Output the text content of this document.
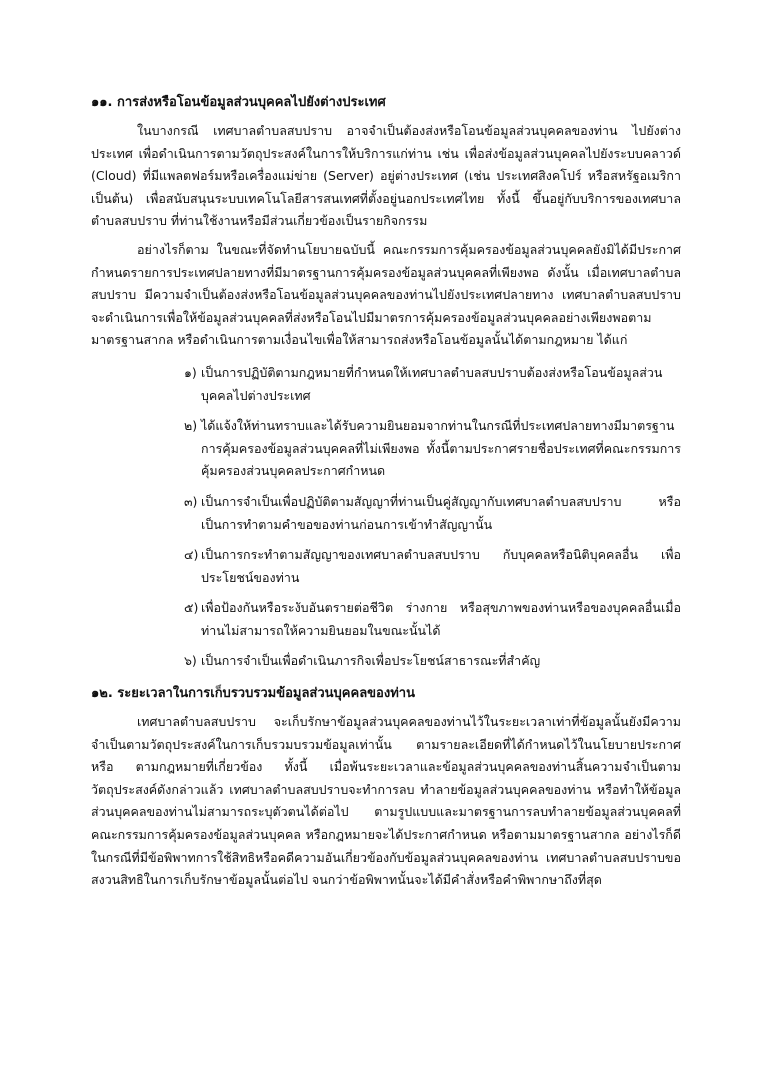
๑๑. การส่งหรือโอนข้อมูลส่วนบุคคลไปยังต่างประเทศ

ในบางกรณี เทศบาลตำบลสบปราบ อาจจำเป็นต้องส่งหรือโอนข้อมูลส่วนบุคคลของท่าน ไปยังต่างประเทศ เพื่อดำเนินการตามวัตถุประสงค์ในการให้บริการแก่ท่าน เช่น เพื่อส่งข้อมูลส่วนบุคคลไปยังระบบคลาวด์ (Cloud) ที่มีแพลตฟอร์มหรือเครื่องแม่ข่าย (Server) อยู่ต่างประเทศ (เช่น ประเทศสิงคโปร์ หรือสหรัฐอเมริกา เป็นต้น) เพื่อสนับสนุนระบบเทคโนโลยีสารสนเทศที่ตั้งอยู่นอกประเทศไทย ทั้งนี้ ขึ้นอยู่กับบริการของเทศบาลตำบลสบปราบ ที่ท่านใช้งานหรือมีส่วนเกี่ยวข้องเป็นรายกิจกรรม

อย่างไรก็ตาม ในขณะที่จัดทำนโยบายฉบับนี้ คณะกรรมการคุ้มครองข้อมูลส่วนบุคคลยังมิได้มีประกาศกำหนดรายการประเทศปลายทางที่มีมาตรฐานการคุ้มครองข้อมูลส่วนบุคคลที่เพียงพอ ดังนั้น เมื่อเทศบาลตำบลสบปราบ มีความจำเป็นต้องส่งหรือโอนข้อมูลส่วนบุคคลของท่านไปยังประเทศปลายทาง เทศบาลตำบลสบปราบ จะดำเนินการเพื่อให้ข้อมูลส่วนบุคคลที่ส่งหรือโอนไปมีมาตรการคุ้มครองข้อมูลส่วนบุคคลอย่างเพียงพอตามมาตรฐานสากล หรือดำเนินการตามเงื่อนไขเพื่อให้สามารถส่งหรือโอนข้อมูลนั้นได้ตามกฎหมาย ได้แก่

๑) เป็นการปฏิบัติตามกฎหมายที่กำหนดให้เทศบาลตำบลสบปราบต้องส่งหรือโอนข้อมูลส่วนบุคคลไปต่างประเทศ
๒) ได้แจ้งให้ท่านทราบและได้รับความยินยอมจากท่านในกรณีที่ประเทศปลายทางมีมาตรฐานการคุ้มครองข้อมูลส่วนบุคคลที่ไม่เพียงพอ ทั้งนี้ตามประกาศรายชื่อประเทศที่คณะกรรมการคุ้มครองส่วนบุคคลประกาศกำหนด
๓) เป็นการจำเป็นเพื่อปฏิบัติตามสัญญาที่ท่านเป็นคู่สัญญากับเทศบาลตำบลสบปราบ หรือเป็นการทำตามคำขอของท่านก่อนการเข้าทำสัญญานั้น
๔) เป็นการกระทำตามสัญญาของเทศบาลตำบลสบปราบ กับบุคคลหรือนิติบุคคลอื่น เพื่อประโยชน์ของท่าน
๕) เพื่อป้องกันหรือระงับอันตรายต่อชีวิต ร่างกาย หรือสุขภาพของท่านหรือของบุคคลอื่นเมื่อท่านไม่สามารถให้ความยินยอมในขณะนั้นได้
๖) เป็นการจำเป็นเพื่อดำเนินภารกิจเพื่อประโยชน์สาธารณะที่สำคัญ
๑๒. ระยะเวลาในการเก็บรวบรวมข้อมูลส่วนบุคคลของท่าน

เทศบาลตำบลสบปราบ จะเก็บรักษาข้อมูลส่วนบุคคลของท่านไว้ในระยะเวลาเท่าที่ข้อมูลนั้นยังมีความจำเป็นตามวัตถุประสงค์ในการเก็บรวมบรวมข้อมูลเท่านั้น ตามรายละเอียดที่ได้กำหนดไว้ในนโยบายประกาศหรือ ตามกฎหมายที่เกี่ยวข้อง ทั้งนี้ เมื่อพ้นระยะเวลาและข้อมูลส่วนบุคคลของท่านสิ้นความจำเป็นตามวัตถุประสงค์ดังกล่าวแล้ว เทศบาลตำบลสบปราบจะทำการลบ ทำลายข้อมูลส่วนบุคคลของท่าน หรือทำให้ข้อมูลส่วนบุคคลของท่านไม่สามารถระบุตัวตนได้ต่อไป ตามรูปแบบและมาตรฐานการลบทำลายข้อมูลส่วนบุคคลที่คณะกรรมการคุ้มครองข้อมูลส่วนบุคคล หรือกฎหมายจะได้ประกาศกำหนด หรือตามมาตรฐานสากล อย่างไรก็ดี ในกรณีที่มีข้อพิพาทการใช้สิทธิหรือคดีความอันเกี่ยวข้องกับข้อมูลส่วนบุคคลของท่าน เทศบาลตำบลสบปราบขอสงวนสิทธิในการเก็บรักษาข้อมูลนั้นต่อไป จนกว่าข้อพิพาทนั้นจะได้มีคำสั่งหรือคำพิพากษาถึงที่สุด
